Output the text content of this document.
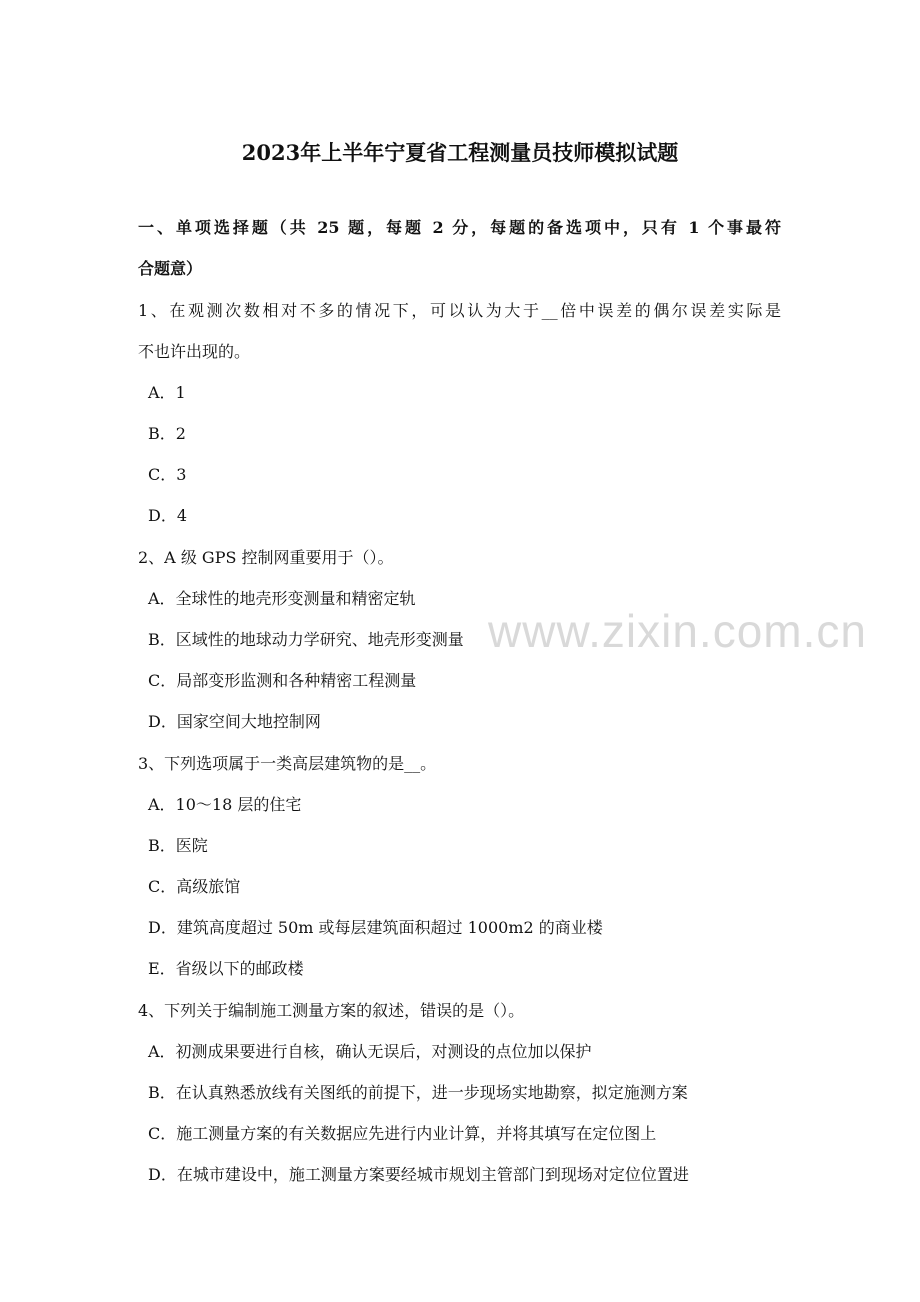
www.zixin.com.cn
2023年上半年宁夏省工程测量员技师模拟试题
一、单项选择题（共 25 题，每题 2 分，每题的备选项中，只有 1 个事最符
合题意）
1、在观测次数相对不多的情况下，可以认为大于__倍中误差的偶尔误差实际是
不也许出现的。
A．1
B．2
C．3
D．4
2、A 级 GPS 控制网重要用于（）。
A．全球性的地壳形变测量和精密定轨
B．区域性的地球动力学研究、地壳形变测量
C．局部变形监测和各种精密工程测量
D．国家空间大地控制网
3、下列选项属于一类高层建筑物的是__。
A．10～18 层的住宅
B．医院
C．高级旅馆
D．建筑高度超过 50m 或每层建筑面积超过 1000m2 的商业楼
E．省级以下的邮政楼
4、下列关于编制施工测量方案的叙述，错误的是（）。
A．初测成果要进行自核，确认无误后，对测设的点位加以保护
B．在认真熟悉放线有关图纸的前提下，进一步现场实地勘察，拟定施测方案
C．施工测量方案的有关数据应先进行内业计算，并将其填写在定位图上
D．在城市建设中，施工测量方案要经城市规划主管部门到现场对定位位置进
